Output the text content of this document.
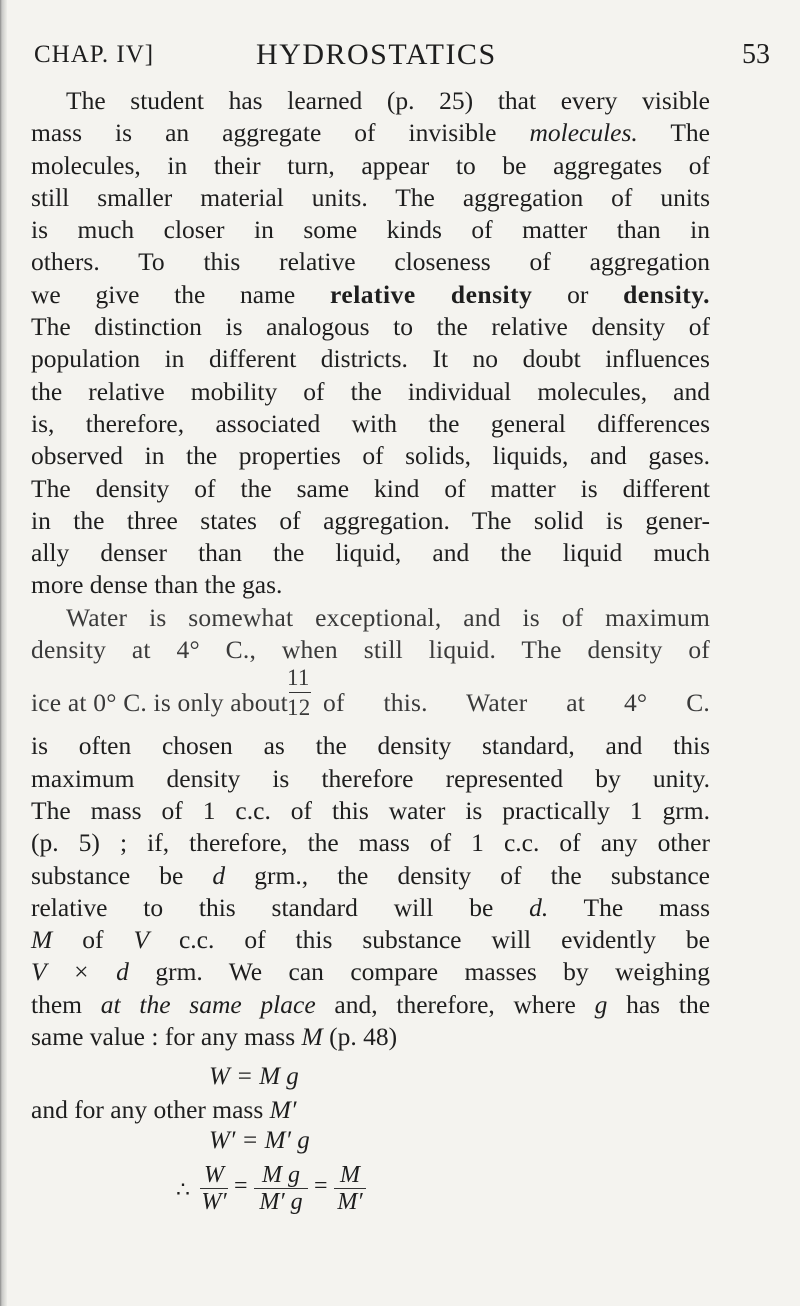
CHAP. IV]	HYDROSTATICS	53
The student has learned (p. 25) that every visible
mass is an aggregate of invisible molecules. The
molecules, in their turn, appear to be aggregates of
still smaller material units. The aggregation of units
is much closer in some kinds of matter than in
others. To this relative closeness of aggregation
we give the name relative density or density.
The distinction is analogous to the relative density of
population in different districts. It no doubt influences
the relative mobility of the individual molecules, and
is, therefore, associated with the general differences
observed in the properties of solids, liquids, and gases.
The density of the same kind of matter is different
in the three states of aggregation. The solid is gener-
ally denser than the liquid, and the liquid much
more dense than the gas.
Water is somewhat exceptional, and is of maximum
density at 4° C., when still liquid. The density of
ice at 0° C. is only about
11
12 of this. Water at 4° C.
is often chosen as the density standard, and this
maximum density is therefore represented by unity.
The mass of 1 c.c. of this water is practically 1 grm.
(p. 5) ; if, therefore, the mass of 1 c.c. of any other
substance be d grm., the density of the substance
relative to this standard will be d. The mass
M of V c.c. of this substance will evidently be
V × d grm. We can compare masses by weighing
them at the same place and, therefore, where g has the
same value : for any mass M (p. 48)
W = M g
and for any other mass M′
W′ = M′ g
∴
W
W′
= M g
M′ g
= M
M′
